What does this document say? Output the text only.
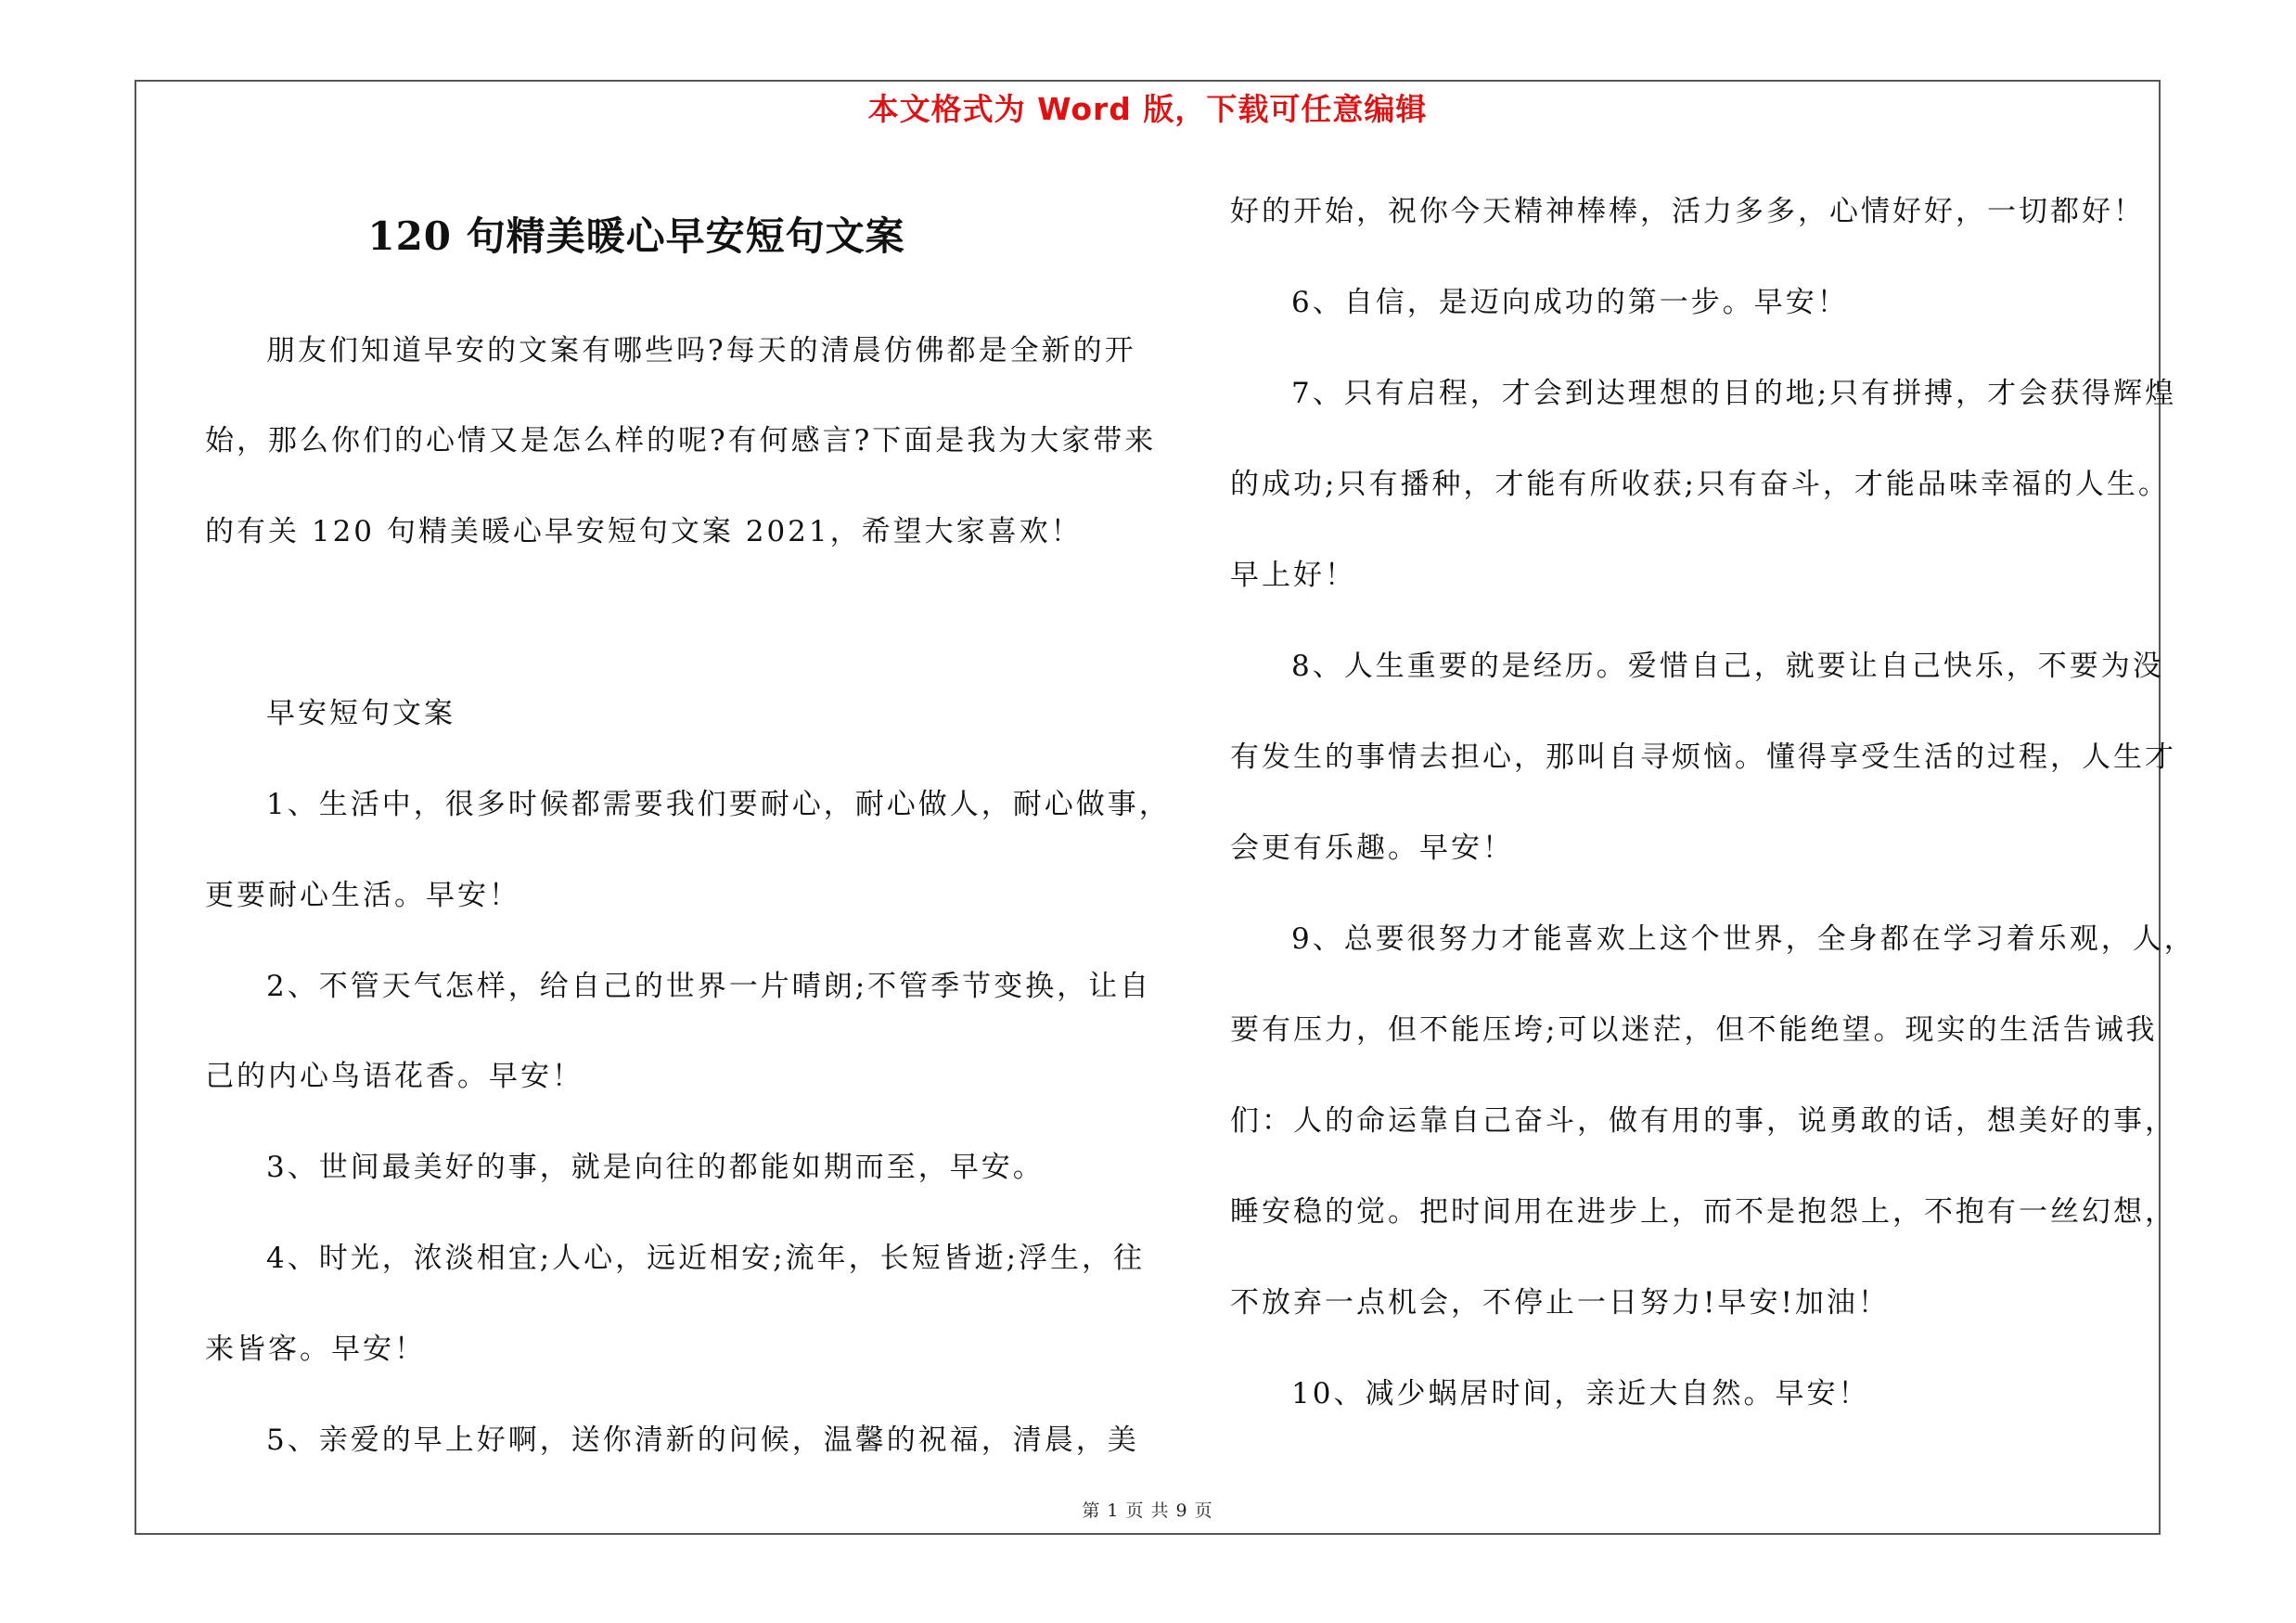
本文格式为 Word 版，下载可任意编辑
120 句精美暖心早安短句文案
朋友们知道早安的文案有哪些吗?每天的清晨仿佛都是全新的开
始，那么你们的心情又是怎么样的呢?有何感言?下面是我为大家带来
的有关 120 句精美暖心早安短句文案 2021，希望大家喜欢！
早安短句文案
1、生活中，很多时候都需要我们要耐心，耐心做人，耐心做事，
更要耐心生活。早安！
2、不管天气怎样，给自己的世界一片晴朗;不管季节变换，让自
己的内心鸟语花香。早安！
3、世间最美好的事，就是向往的都能如期而至，早安。
4、时光，浓淡相宜;人心，远近相安;流年，长短皆逝;浮生，往
来皆客。早安！
5、亲爱的早上好啊，送你清新的问候，温馨的祝福，清晨，美
好的开始，祝你今天精神棒棒，活力多多，心情好好，一切都好！
6、自信，是迈向成功的第一步。早安！
7、只有启程，才会到达理想的目的地;只有拼搏，才会获得辉煌
的成功;只有播种，才能有所收获;只有奋斗，才能品味幸福的人生。
早上好！
8、人生重要的是经历。爱惜自己，就要让自己快乐，不要为没
有发生的事情去担心，那叫自寻烦恼。懂得享受生活的过程，人生才
会更有乐趣。早安！
9、总要很努力才能喜欢上这个世界，全身都在学习着乐观，人，
要有压力，但不能压垮;可以迷茫，但不能绝望。现实的生活告诫我
们：人的命运靠自己奋斗，做有用的事，说勇敢的话，想美好的事，
睡安稳的觉。把时间用在进步上，而不是抱怨上，不抱有一丝幻想，
不放弃一点机会，不停止一日努力!早安!加油！
10、减少蜗居时间，亲近大自然。早安！
第 1 页 共 9 页
